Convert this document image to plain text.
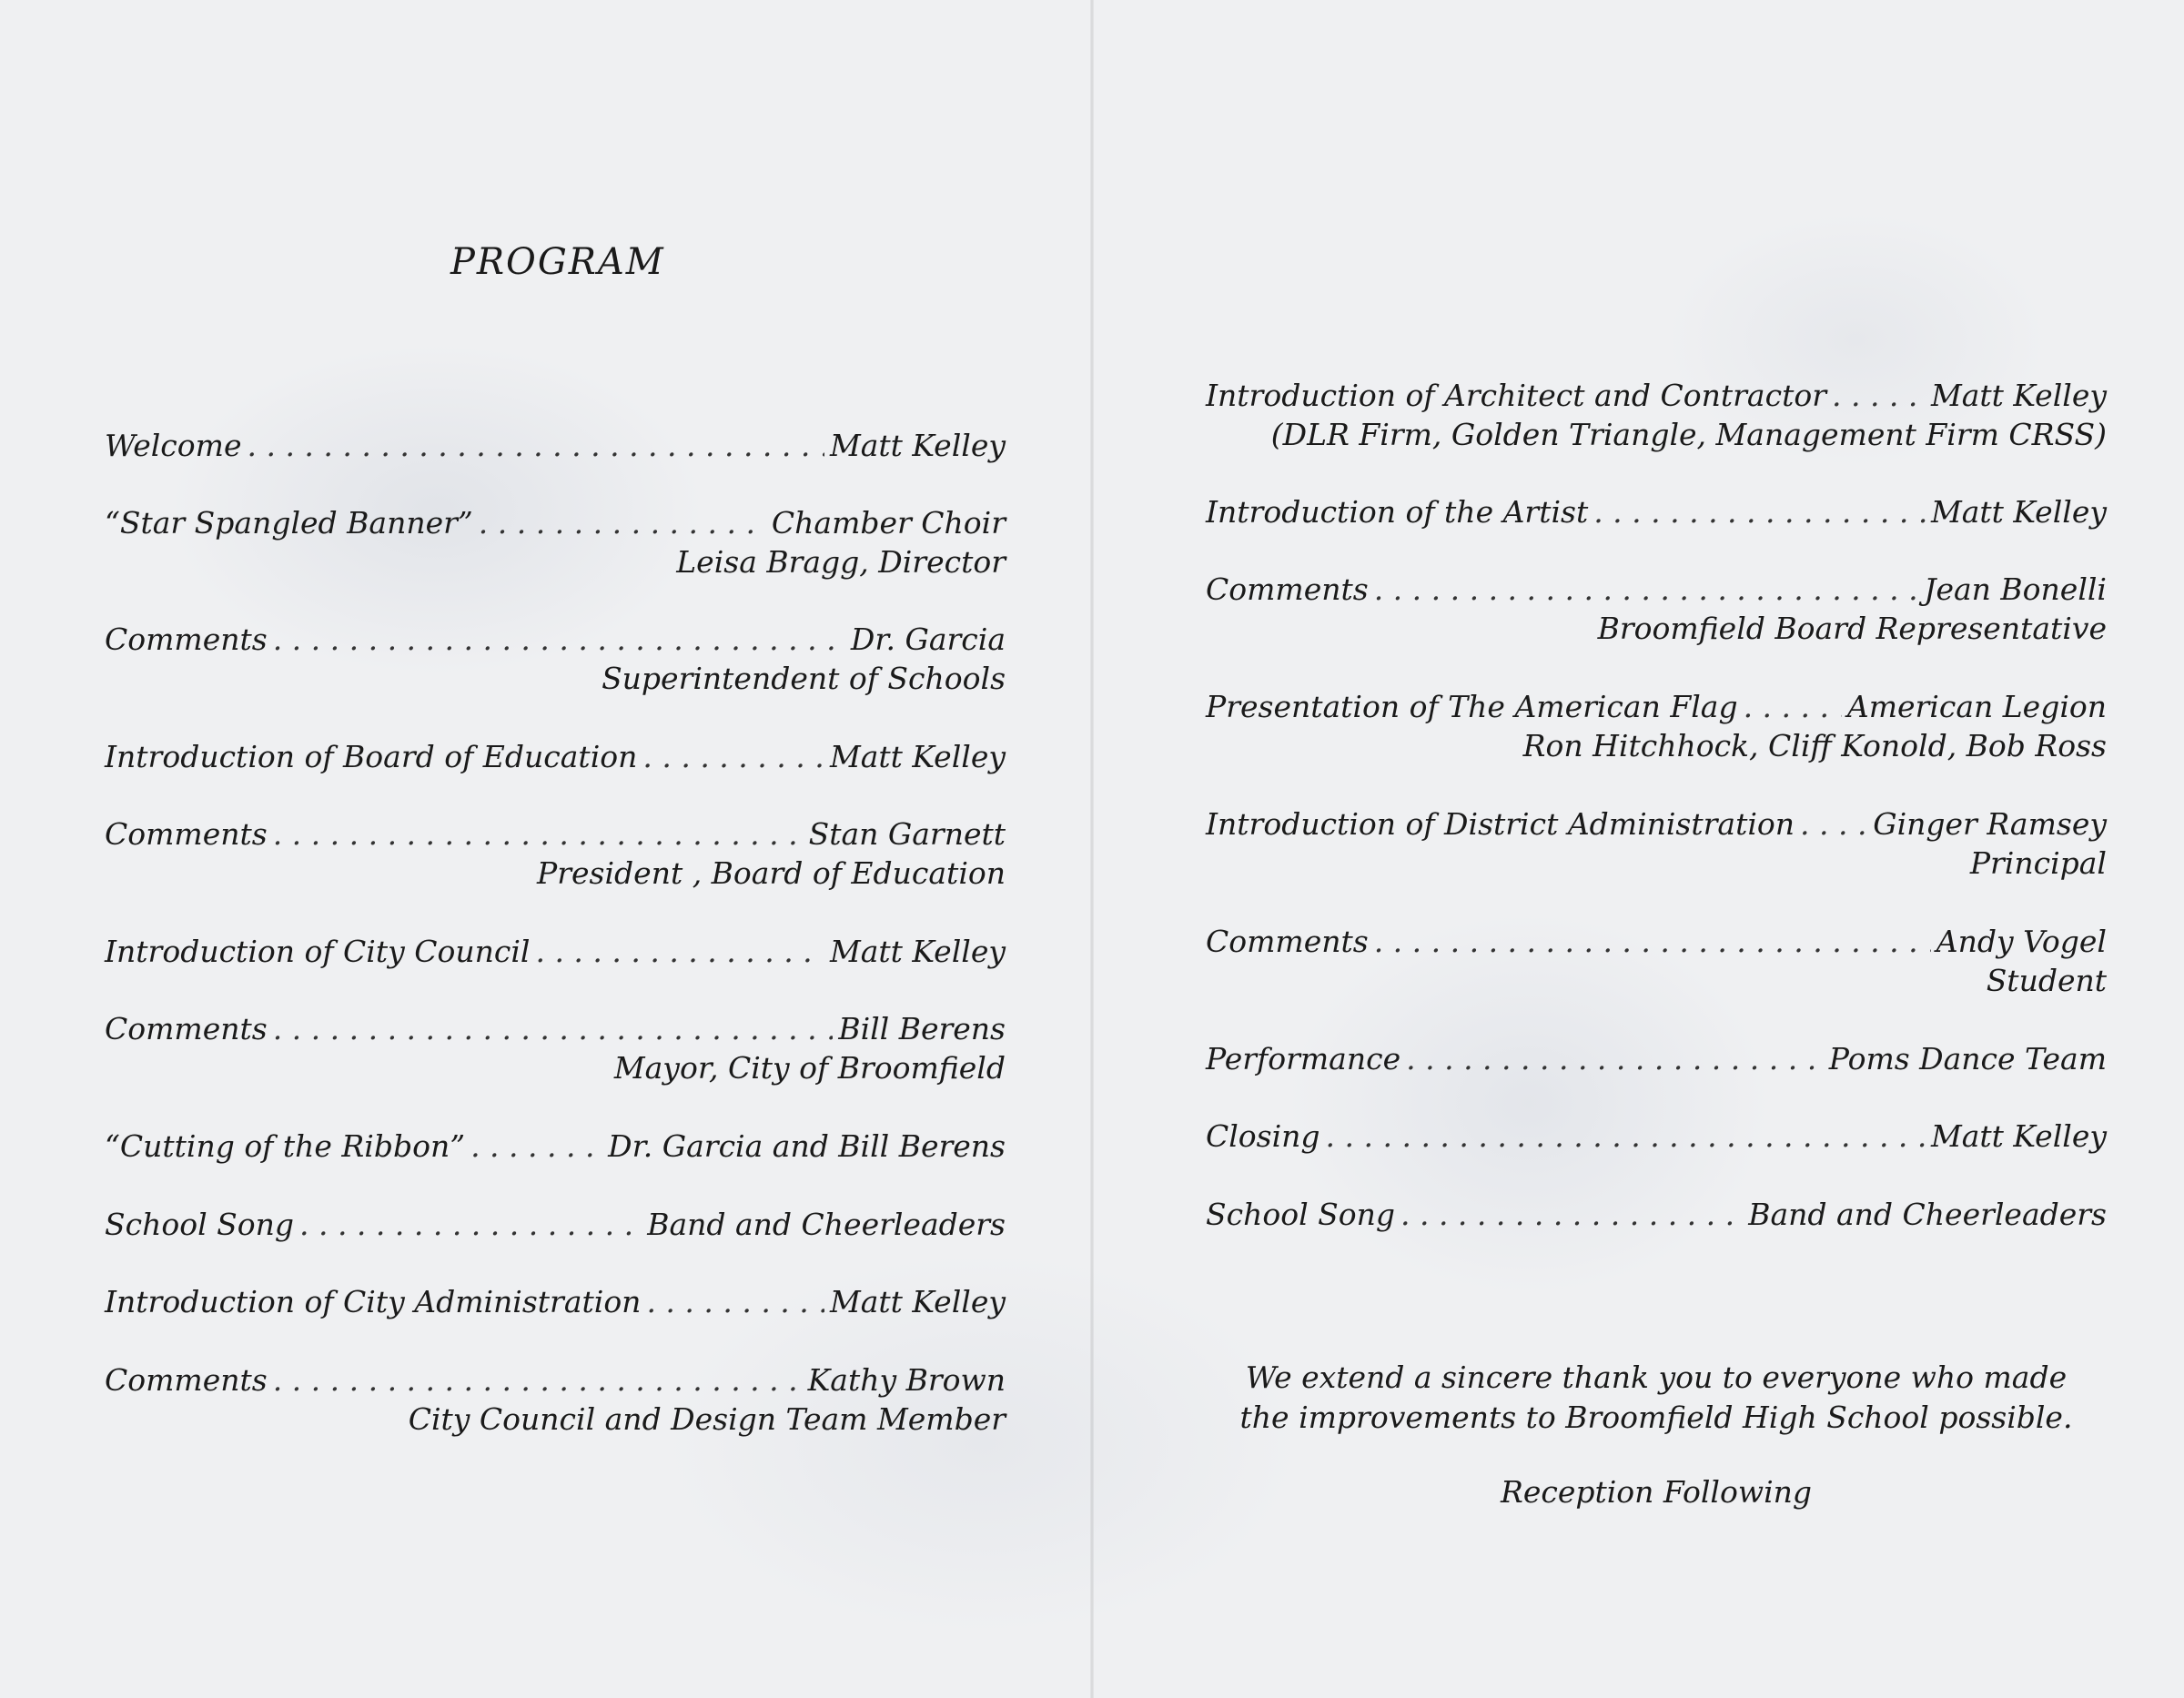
PROGRAM
Welcome . . .	Matt Kelley
“Star Spangled Banner” . . .	Chamber Choir
Leisa Bragg, Director
Comments . . .	Dr. Garcia
Superintendent of Schools
Introduction of Board of Education . . .	Matt Kelley
Comments . . .	Stan Garnett
President , Board of Education
Introduction of City Council . . .	Matt Kelley
Comments . . .	Bill Berens
Mayor, City of Broomfield
“Cutting of the Ribbon” . . .	Dr. Garcia and Bill Berens
School Song . . .	Band and Cheerleaders
Introduction of City Administration . . .	Matt Kelley
Comments . . .	Kathy Brown
City Council and Design Team Member
Introduction of Architect and Contractor . . .	Matt Kelley
(DLR Firm, Golden Triangle, Management Firm CRSS)
Introduction of the Artist . . .	Matt Kelley
Comments . . .	Jean Bonelli
Broomfield Board Representative
Presentation of The American Flag . . .	American Legion
Ron Hitchhock, Cliff Konold, Bob Ross
Introduction of District Administration . . .	Ginger Ramsey
Principal
Comments . . .	Andy Vogel
Student
Performance . . .	Poms Dance Team
Closing . . .	Matt Kelley
School Song . . .	Band and Cheerleaders
We extend a sincere thank you to everyone who made
the improvements to Broomfield High School possible.
Reception Following
